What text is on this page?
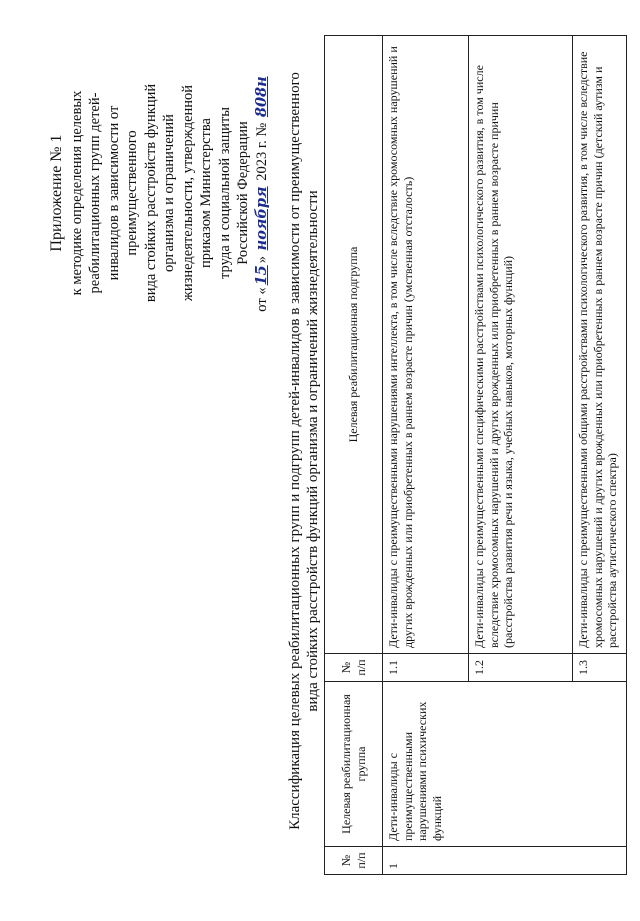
Приложение № 1 к методике определения целевых реабилитационных групп детей- инвалидов в зависимости от преимущественного вида стойких расстройств функций организма и ограничений жизнедеятельности, утвержденной приказом Министерства труда и социальной защиты Российской Федерации
от «15» ноября 2023 г. № 808н Классификация целевых реабилитационных групп и подгрупп детей-инвалидов в зависимости от преимущественного вида стойких расстройств функций организма и ограничений жизнедеятельности
№ п/п	Целевая реабилитационная группа	№ п/п	Целевая реабилитационная подгруппа
1	Дети-инвалиды с преимущественными нарушениями психических функций	1.1	Дети-инвалиды с преимущественными нарушениями интеллекта, в том числе вследствие хромосомных нарушений и других врожденных или приобретенных в раннем возрасте причин (умственная отсталость)
		1.2	Дети-инвалиды с преимущественными специфическими расстройствами психологического развития, в том числе вследствие хромосомных нарушений и других врожденных или приобретенных в раннем возрасте причин (расстройства развития речи и языка, учебных навыков, моторных функций)
		1.3	Дети-инвалиды с преимущественными общими расстройствами психологического развития, в том числе вследствие хромосомных нарушений и других врожденных или приобретенных в раннем возрасте причин (детский аутизм и расстройства аутистического спектра)
